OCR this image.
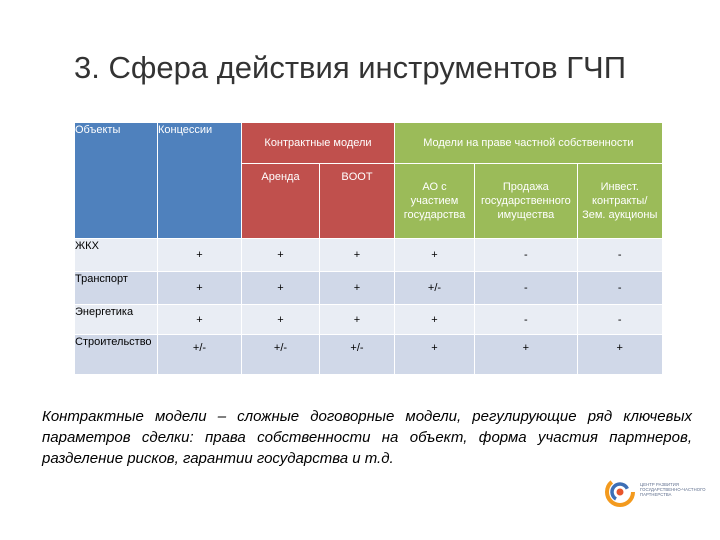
3. Сфера действия инструментов ГЧП
Объекты	Концессии	Контрактные модели		Модели на праве частной собственности		
		Аренда	BOOT	АО с участием государства	Продажа государственного имущества	Инвест. контракты/Зем. аукционы
ЖКХ	+	+	+	+	-	-
Транспорт	+	+	+	+/-	-	-
Энергетика	+	+	+	+	-	-
Строительство	+/-	+/-	+/-	+	+	+
Контрактные модели – сложные договорные модели, регулирующие ряд ключевых параметров сделки: права собственности на объект, форма участия партнеров, разделение рисков, гарантии государства и т.д.
ЦЕНТР РАЗВИТИЯ ГОСУДАРСТВЕННО-ЧАСТНОГО ПАРТНЕРСТВА
